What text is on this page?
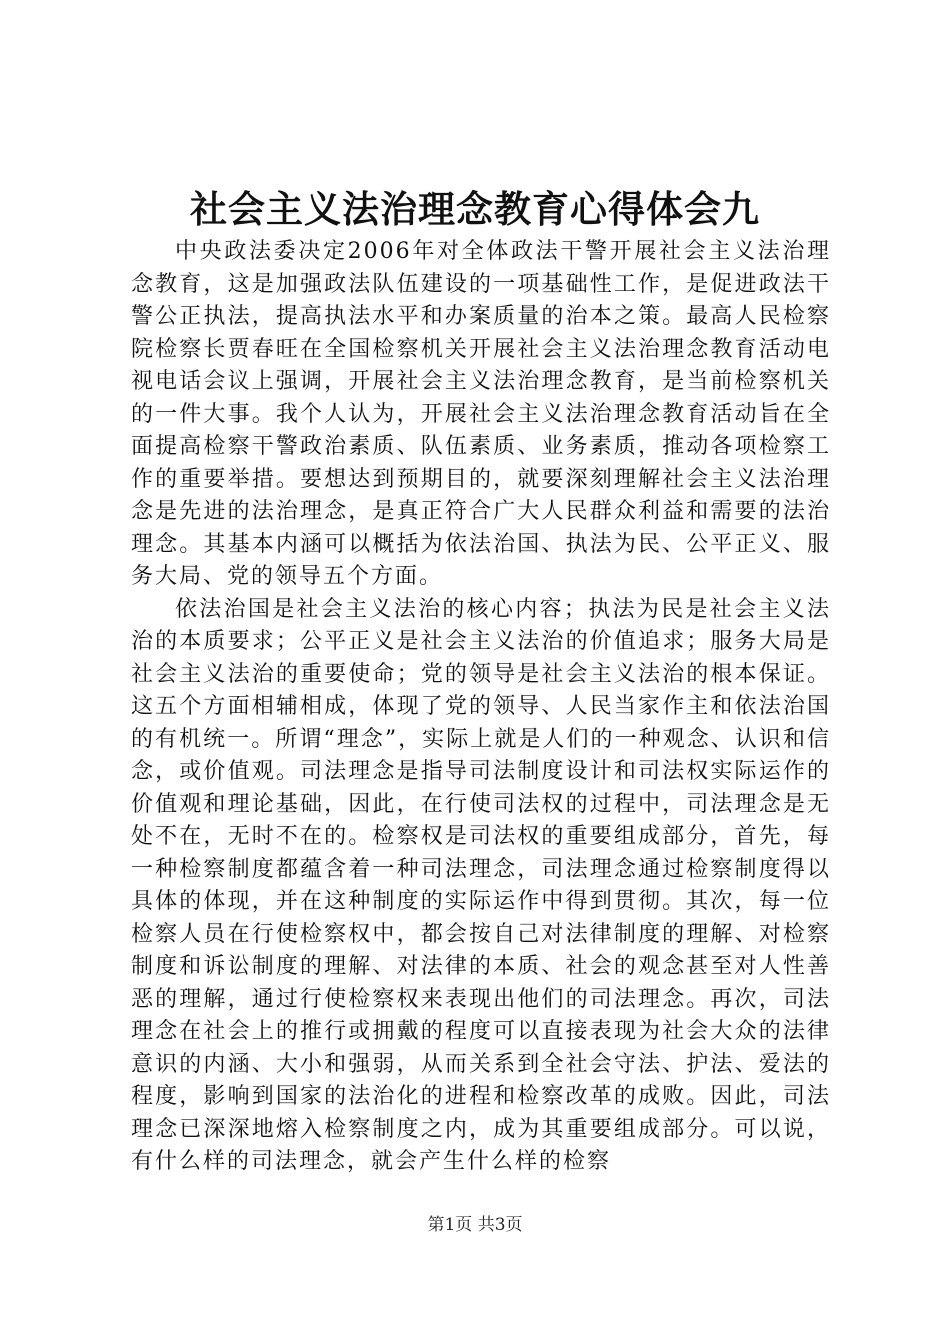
社会主义法治理念教育心得体会九

中央政法委决定2006年对全体政法干警开展社会主义法治理念教育，这是加强政法队伍建设的一项基础性工作，是促进政法干警公正执法，提高执法水平和办案质量的治本之策。最高人民检察院检察长贾春旺在全国检察机关开展社会主义法治理念教育活动电视电话会议上强调，开展社会主义法治理念教育，是当前检察机关的一件大事。我个人认为，开展社会主义法治理念教育活动旨在全面提高检察干警政治素质、队伍素质、业务素质，推动各项检察工作的重要举措。要想达到预期目的，就要深刻理解社会主义法治理念是先进的法治理念，是真正符合广大人民群众利益和需要的法治理念。其基本内涵可以概括为依法治国、执法为民、公平正义、服务大局、党的领导五个方面。

依法治国是社会主义法治的核心内容；执法为民是社会主义法治的本质要求；公平正义是社会主义法治的价值追求；服务大局是社会主义法治的重要使命；党的领导是社会主义法治的根本保证。这五个方面相辅相成，体现了党的领导、人民当家作主和依法治国的有机统一。所谓“理念”，实际上就是人们的一种观念、认识和信念，或价值观。司法理念是指导司法制度设计和司法权实际运作的价值观和理论基础，因此，在行使司法权的过程中，司法理念是无处不在，无时不在的。检察权是司法权的重要组成部分，首先，每一种检察制度都蕴含着一种司法理念，司法理念通过检察制度得以具体的体现，并在这种制度的实际运作中得到贯彻。其次，每一位检察人员在行使检察权中，都会按自己对法律制度的理解、对检察制度和诉讼制度的理解、对法律的本质、社会的观念甚至对人性善恶的理解，通过行使检察权来表现出他们的司法理念。再次，司法理念在社会上的推行或拥戴的程度可以直接表现为社会大众的法律意识的内涵、大小和强弱，从而关系到全社会守法、护法、爱法的程度，影响到国家的法治化的进程和检察改革的成败。因此，司法理念已深深地熔入检察制度之内，成为其重要组成部分。可以说，有什么样的司法理念，就会产生什么样的检察

第1页 共3页
